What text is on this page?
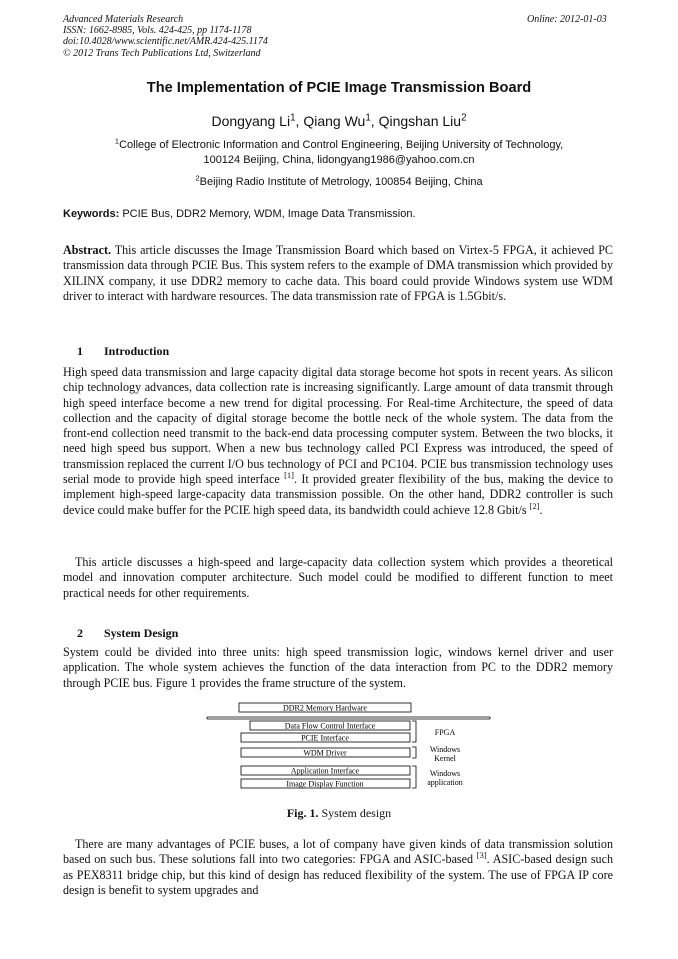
Advanced Materials Research
ISSN: 1662-8985, Vols. 424-425, pp 1174-1178
doi:10.4028/www.scientific.net/AMR.424-425.1174
© 2012 Trans Tech Publications Ltd, Switzerland
Online: 2012-01-03
The Implementation of PCIE Image Transmission Board
Dongyang Li$^1$, Qiang Wu$^1$, Qingshan Liu$^2$
$^1$College of Electronic Information and Control Engineering, Beijing University of Technology,
100124 Beijing, China, lidongyang1986@yahoo.com.cn
$^2$Beijing Radio Institute of Metrology, 100854 Beijing, China
Keywords: PCIE Bus, DDR2 Memory, WDM, Image Data Transmission.

Abstract. This article discusses the Image Transmission Board which based on Virtex-5 FPGA, it achieved PC transmission data through PCIE Bus. This system refers to the example of DMA transmission which provided by XILINX company, it use DDR2 memory to cache data. This board could provide Windows system use WDM driver to interact with hardware resources. The data transmission rate of FPGA is 1.5Gbit/s.

1 Introduction

High speed data transmission and large capacity digital data storage become hot spots in recent years. As silicon chip technology advances, data collection rate is increasing significantly. Large amount of data transmit through high speed interface become a new trend for digital processing. For Real-time Architecture, the speed of data collection and the capacity of digital storage become the bottle neck of the whole system. The data from the front-end collection need transmit to the back-end data processing computer system. Between the two blocks, it need high speed bus support. When a new bus technology called PCI Express was introduced, the speed of transmission replaced the current I/O bus technology of PCI and PC104. PCIE bus transmission technology uses serial mode to provide high speed interface [1]. It provided greater flexibility of the bus, making the device to implement high-speed large-capacity data transmission possible. On the other hand, DDR2 controller is such device could make buffer for the PCIE high speed data, its bandwidth could achieve 12.8 Gbit/s [2].

This article discusses a high-speed and large-capacity data collection system which provides a theoretical model and innovation computer architecture. Such model could be modified to different function to meet practical needs for other requirements.

2 System Design

System could be divided into three units: high speed transmission logic, windows kernel driver and user application. The whole system achieves the function of the data interaction from PC to the DDR2 memory through PCIE bus. Figure 1 provides the frame structure of the system.

DDR2 Memory Hardware
Data Flow Control Interface
PCIE Interface
WDM Driver
Application Interface
Image Display Function
FPGA
Windows
Kernel
Windows
application
Fig. 1. System design

There are many advantages of PCIE buses, a lot of company have given kinds of data transmission solution based on such bus. These solutions fall into two categories: FPGA and ASIC-based [3]. ASIC-based design such as PEX8311 bridge chip, but this kind of design has reduced flexibility of the system. The use of FPGA IP core design is benefit to system upgrades and
